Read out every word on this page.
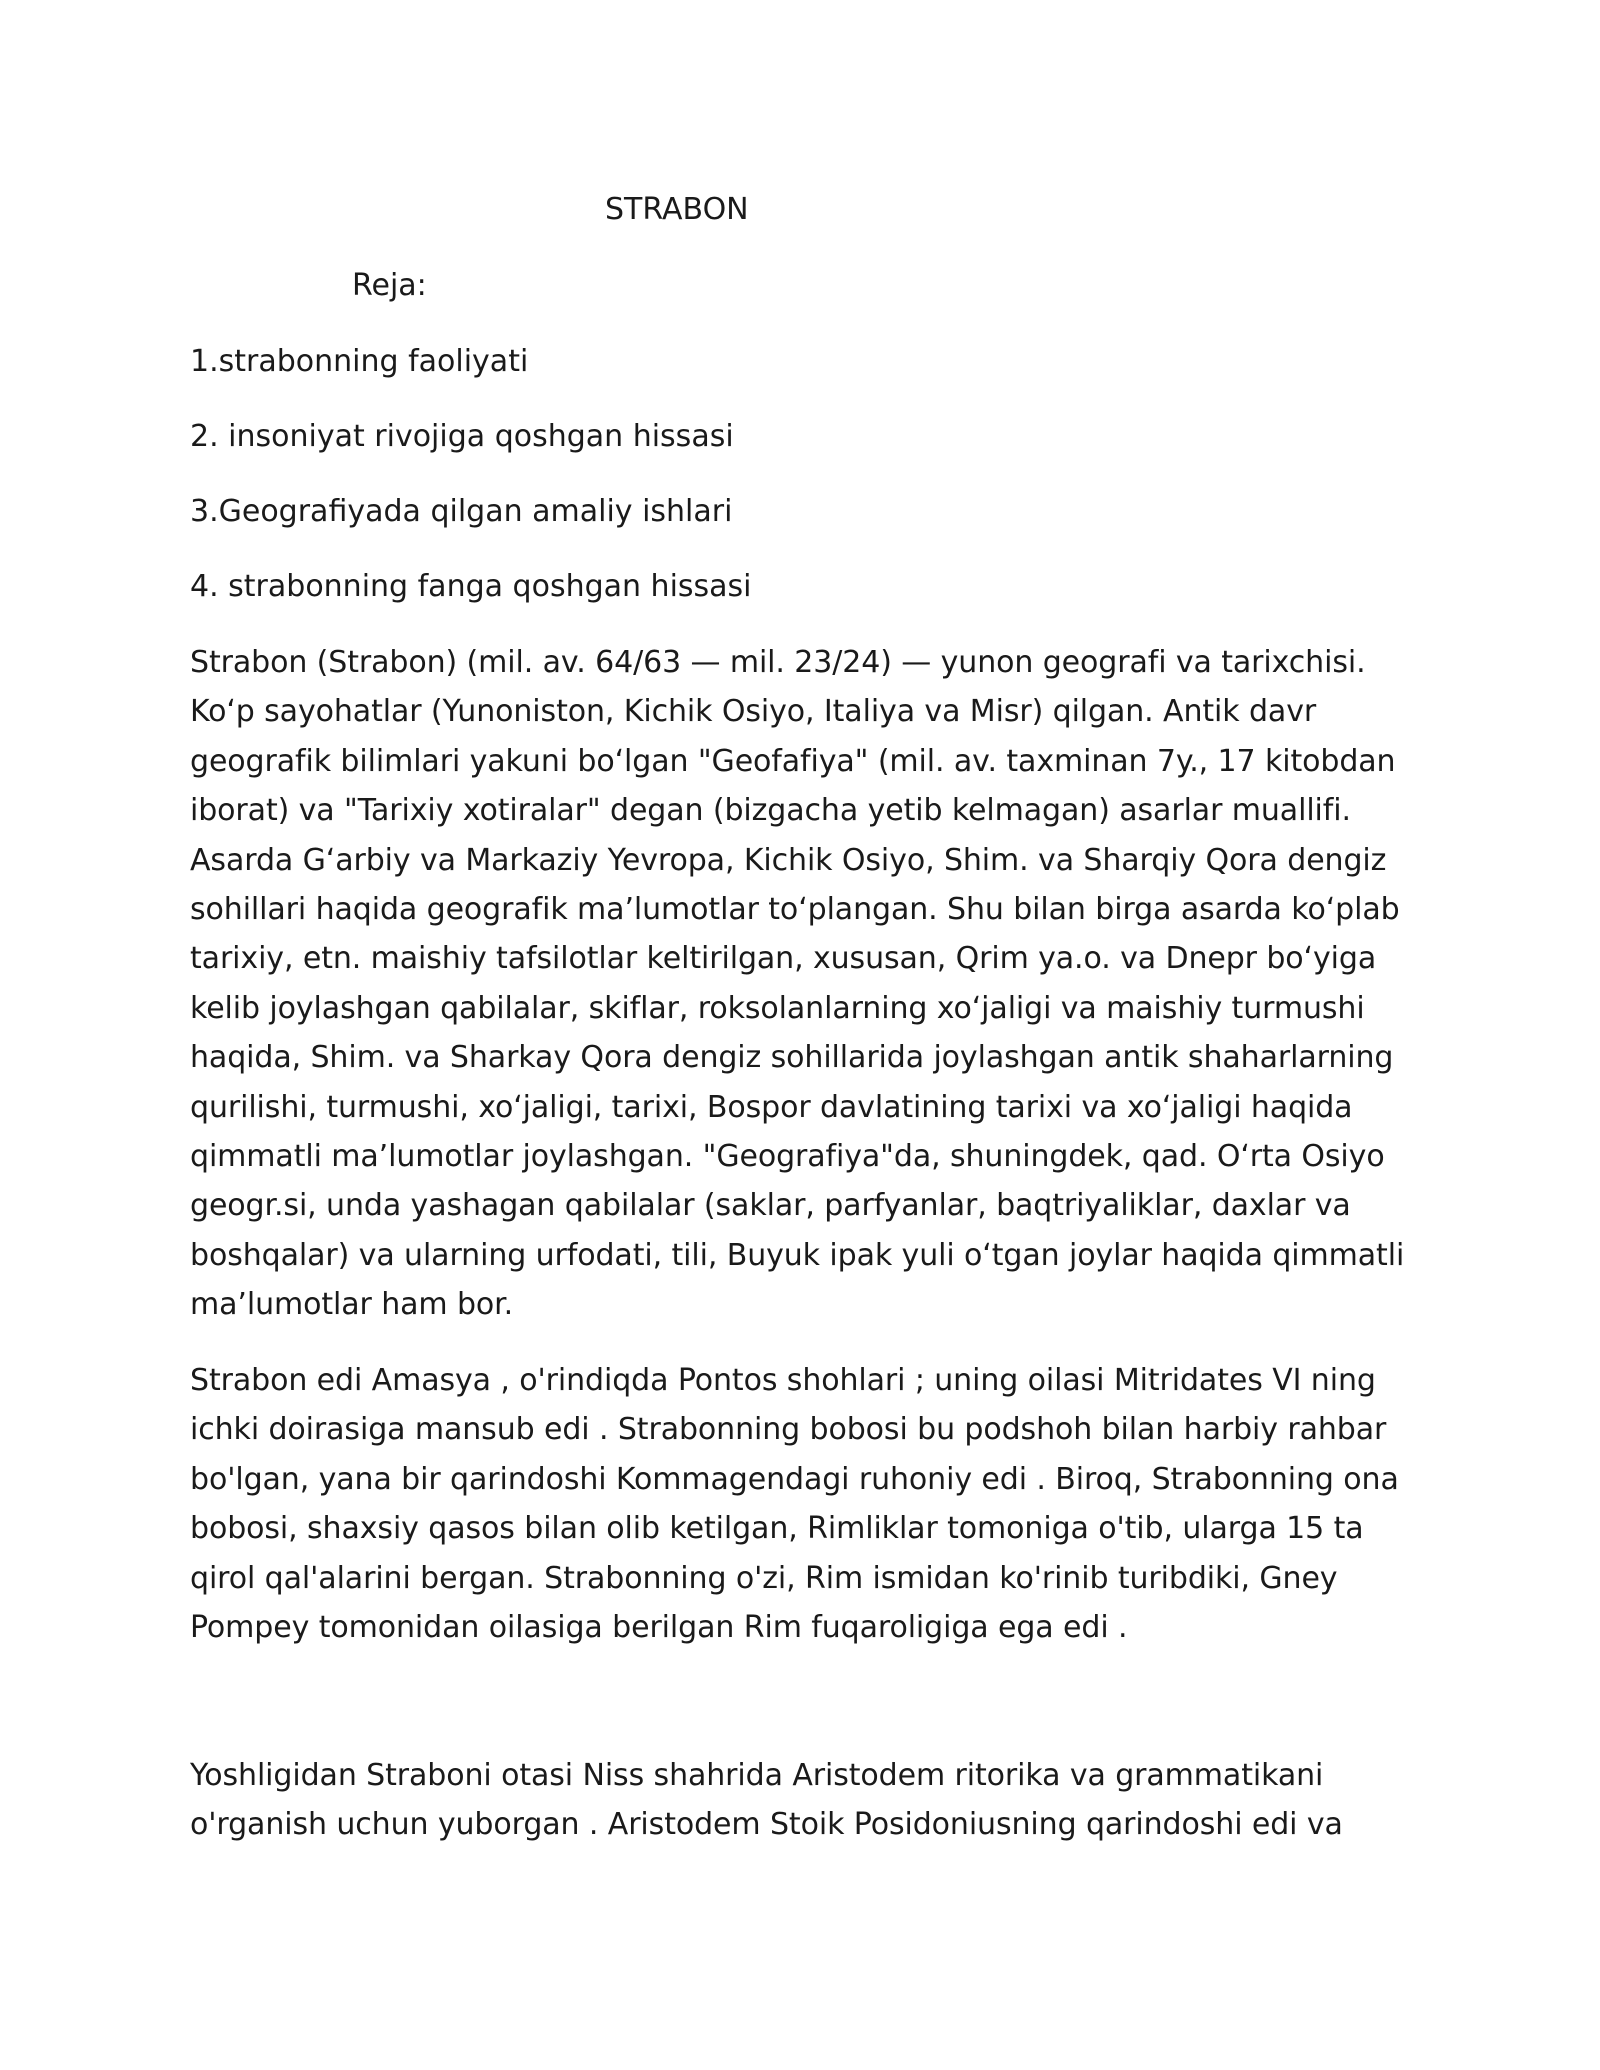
STRABON

Reja:

1.strabonning faoliyati
2. insoniyat rivojiga qoshgan hissasi
3.Geografiyada qilgan amaliy ishlari
4. strabonning fanga qoshgan hissasi

Strabon (Strabon) (mil. av. 64/63 — mil. 23/24) — yunon geografi va tarixchisi. Koʻp sayohatlar (Yunoniston, Kichik Osiyo, Italiya va Misr) qilgan. Antik davr geografik bilimlari yakuni boʻlgan "Geofafiya" (mil. av. taxminan 7y., 17 kitobdan iborat) va "Tarixiy xotiralar" degan (bizgacha yetib kelmagan) asarlar muallifi. Asarda Gʻarbiy va Markaziy Yevropa, Kichik Osiyo, Shim. va Sharqiy Qora dengiz sohillari haqida geografik maʼlumotlar toʻplangan. Shu bilan birga asarda koʻplab tarixiy, etn. maishiy tafsilotlar keltirilgan, xususan, Qrim ya.o. va Dnepr boʻyiga kelib joylashgan qabilalar, skiflar, roksolanlarning xoʻjaligi va maishiy turmushi haqida, Shim. va Sharkay Qora dengiz sohillarida joylashgan antik shaharlarning qurilishi, turmushi, xoʻjaligi, tarixi, Bospor davlatining tarixi va xoʻjaligi haqida qimmatli maʼlumotlar joylashgan. "Geografiya"da, shuningdek, qad. Oʻrta Osiyo geogr.si, unda yashagan qabilalar (saklar, parfyanlar, baqtriyaliklar, daxlar va boshqalar) va ularning urfodati, tili, Buyuk ipak yuli oʻtgan joylar haqida qimmatli maʼlumotlar ham bor.

Strabon edi Amasya , o'rindiqda Pontos shohlari ; uning oilasi Mitridates VI ning ichki doirasiga mansub edi . Strabonning bobosi bu podshoh bilan harbiy rahbar bo'lgan, yana bir qarindoshi Kommagendagi ruhoniy edi . Biroq, Strabonning ona bobosi, shaxsiy qasos bilan olib ketilgan, Rimliklar tomoniga o'tib, ularga 15 ta qirol qal'alarini bergan. Strabonning o'zi, Rim ismidan ko'rinib turibdiki, Gney Pompey tomonidan oilasiga berilgan Rim fuqaroligiga ega edi .

Yoshligidan Straboni otasi Niss shahrida Aristodem ritorika va grammatikani o'rganish uchun yuborgan . Aristodem Stoik Posidoniusning qarindoshi edi va
